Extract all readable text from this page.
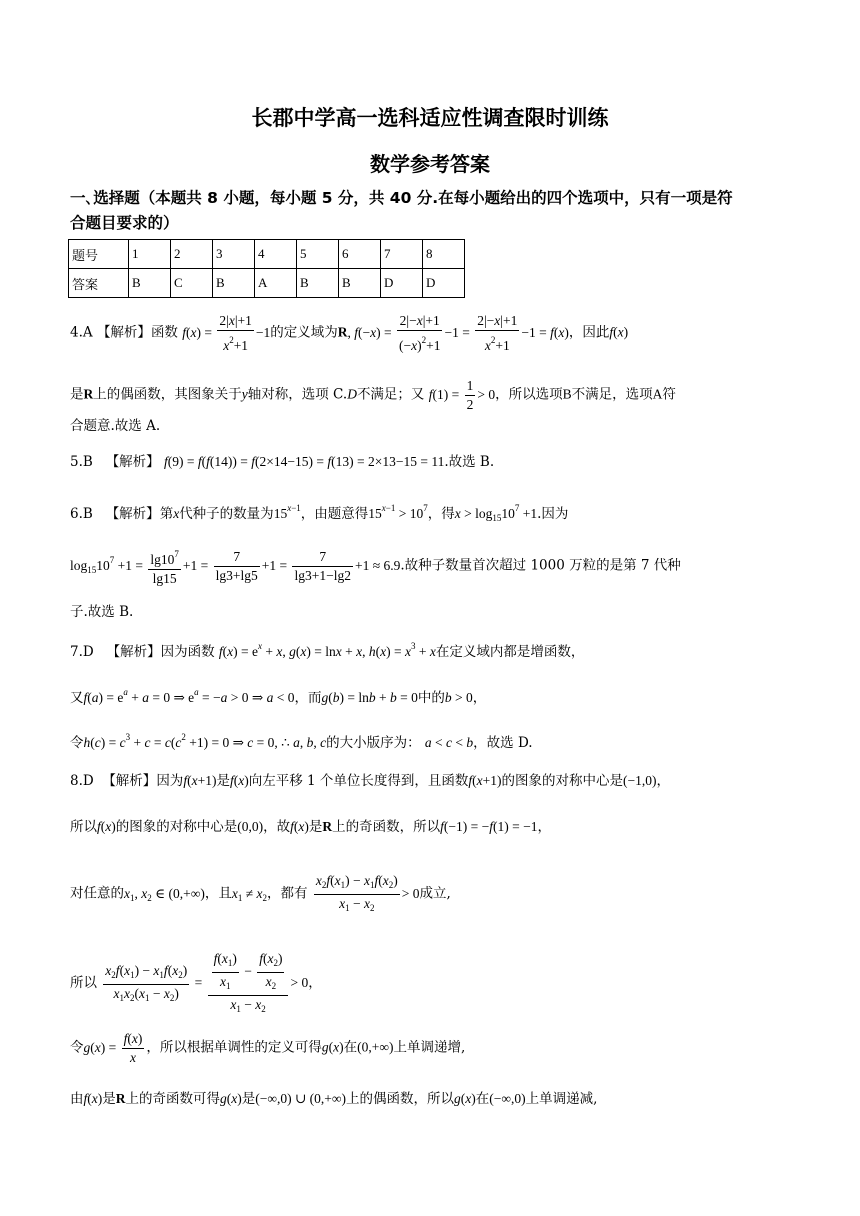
长郡中学高一选科适应性调查限时训练
数学参考答案
一､选择题（本题共 8 小题，每小题 5 分，共 40 分.在每小题给出的四个选项中，只有一项是符
合题目要求的）
题号	1	2	3	4	5	6	7	8
答案	B	C	B	A	B	B	D	D
4.A 【解析】函数 $f(x) = \frac{2|x|+1}{x^2+1} -1$的定义域为R, $f(-x) = \frac{2|-x|+1}{(-x)^2+1} -1 = \frac{2|-x|+1}{x^2+1} -1 = f(x)$，因此f(x)
是R上的偶函数，其图象关于y轴对称，选项 C.D不满足；又 $f(1) = \frac{1}{2} > 0$，所以选项B不满足，选项A符
合题意.故选 A.
5.B 【解析】 f(9) = f(f(14)) = f(2×14−15) = f(13) = 2×13−15 = 11.故选 B.
6.B 【解析】第x代种子的数量为$15^{x-1}$，由题意得$15^{x-1} > 10^7$，得$x > \log_{15}10^7 +1$.因为
$\log_{15}10^7 +1 = \frac{\lg 10^7}{\lg 15} +1 = \frac{7}{\lg 3+\lg 5} +1 = \frac{7}{\lg 3+1-\lg 2} +1 \approx 6.9$.故种子数量首次超过 1000 万粒的是第 7 代种
子.故选 B.
7.D 【解析】因为函数 $f(x) = e^x + x$, g(x) = lnx + x, $h(x) = x^3 + x$在定义域内都是增函数，
又$f(a) = e^a + a = 0$ ⇒ $e^a = -a > 0$ ⇒ a < 0，而g(b) = lnb + b = 0中的b > 0，
令$h(c) = c^3 + c = c(c^2 +1) = 0$ ⇒ c = 0, ∴ a, b, c的大小版序为： a < c < b，故选 D.
8.D 【解析】因为f(x+1)是f(x)向左平移 1 个单位长度得到，且函数f(x+1)的图象的对称中心是(−1,0)，
所以f(x)的图象的对称中心是(0,0)，故f(x)是R上的奇函数，所以f(−1) = −f(1) = −1，
对任意的$x_1$, $x_2$ ∈ (0,+∞)，且$x_1 \ne x_2$，都有 $\frac{x_2f(x_1) - x_1f(x_2)}{x_1 - x_2} > 0$成立,
所以 $\frac{x_2f(x_1) - x_1f(x_2)}{x_1x_2(x_1 - x_2)} = \frac{\frac{f(x_1)}{x_1} - \frac{f(x_2)}{x_2}}{x_1 - x_2} > 0$，
令$g(x) = \frac{f(x)}{x}$ ，所以根据单调性的定义可得g(x)在(0,+∞)上单调递增,
由f(x)是R上的奇函数可得g(x)是(−∞,0) ∪ (0,+∞)上的偶函数，所以g(x)在(−∞,0)上单调递减,
